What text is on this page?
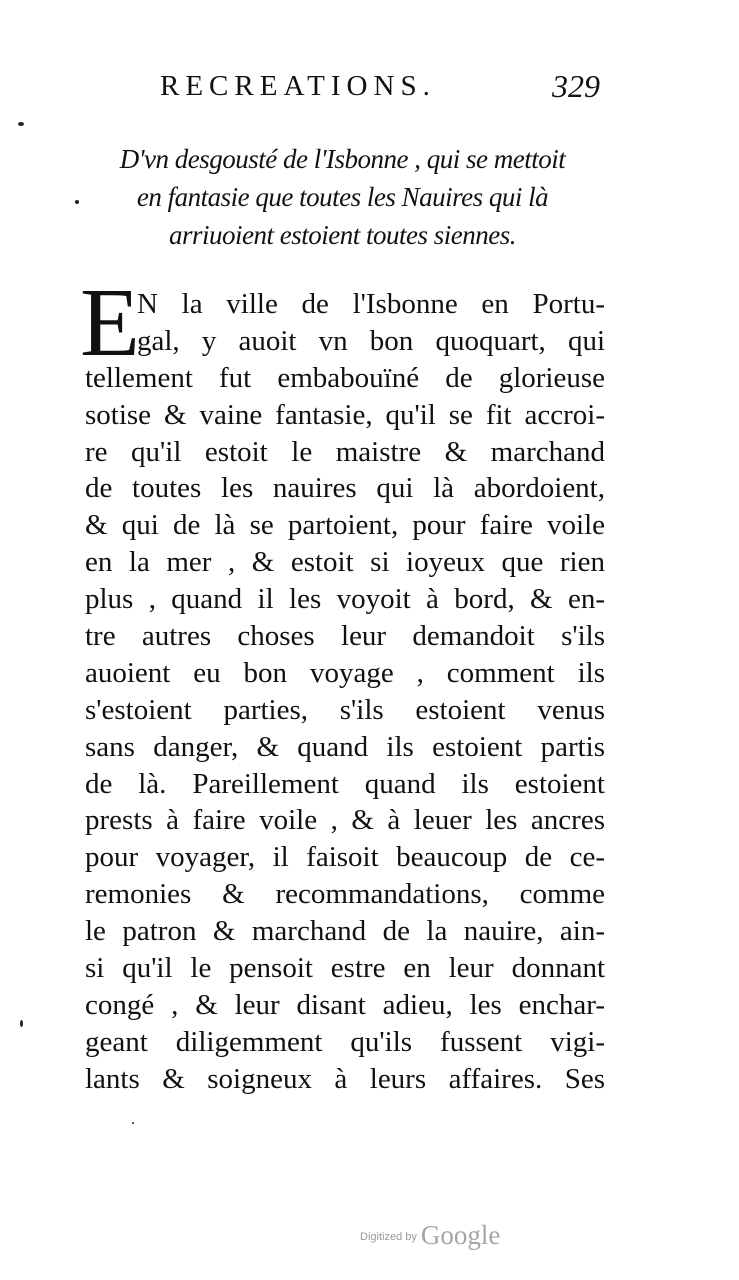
RECREATIONS.	329
D'vn desgousté de l'Isbonne , qui se mettoit
en fantasie que toutes les Nauires qui là
arriuoient estoient toutes siennes.
E
N la ville de l'Isbonne en Portu-
gal, y auoit vn bon quoquart, qui
tellement fut embabouïné de glorieuse
sotise & vaine fantasie, qu'il se fit accroi-
re qu'il estoit le maistre & marchand
de toutes les nauires qui là abordoient,
& qui de là se partoient, pour faire voile
en la mer , & estoit si ioyeux que rien
plus , quand il les voyoit à bord, & en-
tre autres choses leur demandoit s'ils
auoient eu bon voyage , comment ils
s'estoient parties, s'ils estoient venus
sans danger, & quand ils estoient partis
de là. Pareillement quand ils estoient
prests à faire voile , & à leuer les ancres
pour voyager, il faisoit beaucoup de ce-
remonies & recommandations, comme
le patron & marchand de la nauire, ain-
si qu'il le pensoit estre en leur donnant
congé , & leur disant adieu, les enchar-
geant diligemment qu'ils fussent vigi-
lants & soigneux à leurs affaires. Ses
Digitized by Google
